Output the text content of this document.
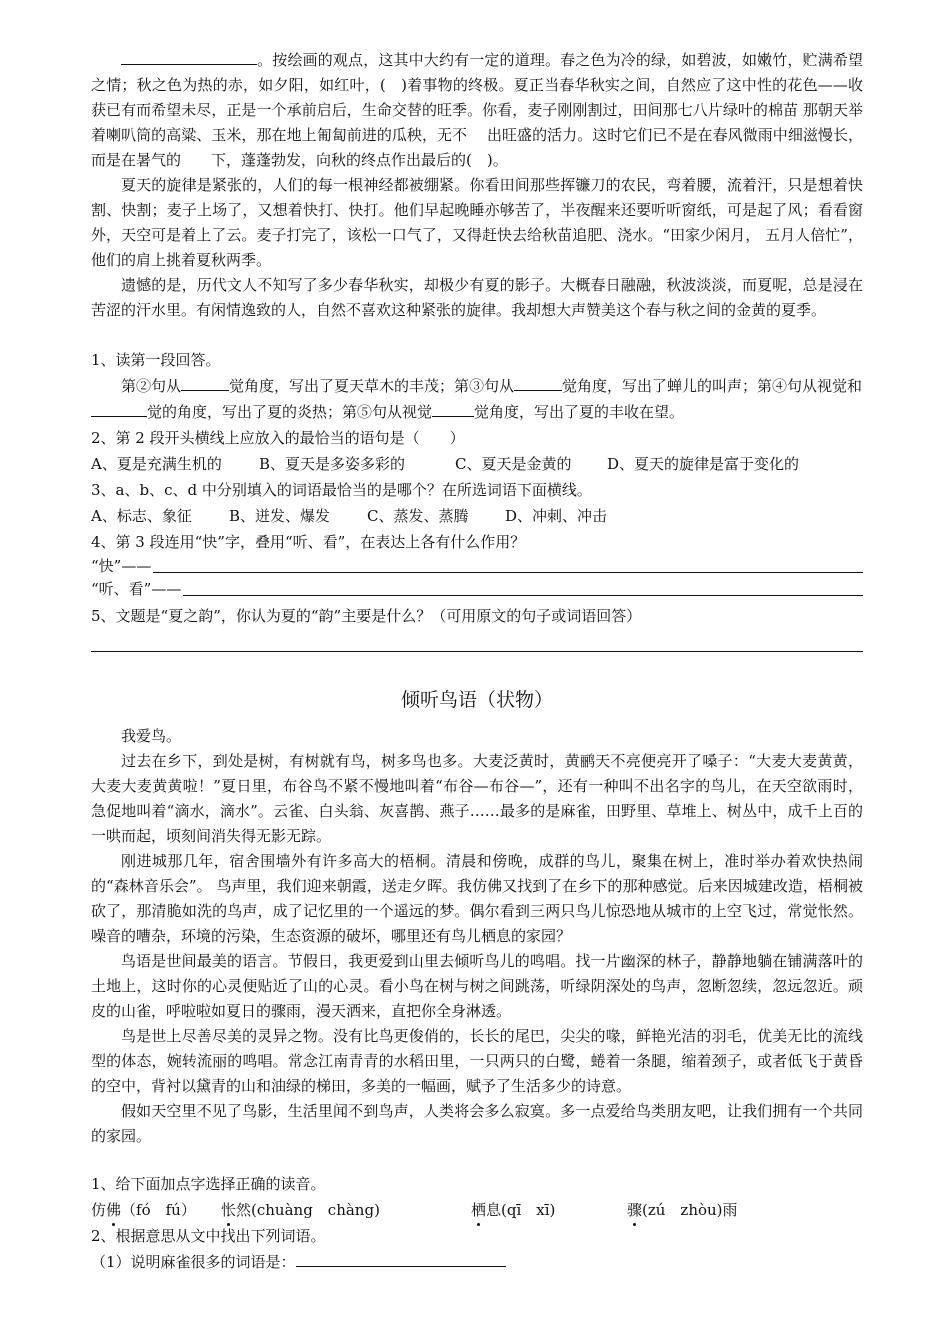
。按绘画的观点，这其中大约有一定的道理。春之色为冷的绿，如碧波，如嫩竹，贮满希望之情；秋之色为热的赤，如夕阳，如红叶，(　)着事物的终极。夏正当春华秋实之间，自然应了这中性的花色——收获已有而希望未尽，正是一个承前启后，生命交替的旺季。你看，麦子刚刚割过，田间那七八片绿叶的棉苗 那朝天举着喇叭筒的高粱、玉米，那在地上匍匐前进的瓜秧，无不　 出旺盛的活力。这时它们已不是在春风微雨中细滋慢长，而是在暑气的　　下，蓬蓬勃发，向秋的终点作出最后的(　)。

夏天的旋律是紧张的，人们的每一根神经都被绷紧。你看田间那些挥镰刀的农民，弯着腰，流着汗，只是想着快割、快割；麦子上场了，又想着快打、快打。他们早起晚睡亦够苦了，半夜醒来还要听听窗纸，可是起了风；看看窗外，天空可是着上了云。麦子打完了，该松一口气了，又得赶快去给秋苗追肥、浇水。“田家少闲月， 五月人倍忙”，他们的肩上挑着夏秋两季。

遗憾的是，历代文人不知写了多少春华秋实，却极少有夏的影子。大概春日融融，秋波淡淡，而夏呢，总是浸在苦涩的汗水里。有闲情逸致的人，自然不喜欢这种紧张的旋律。我却想大声赞美这个春与秋之间的金黄的夏季。

1、读第一段回答。

第②句从	觉角度，写出了夏天草木的丰茂；第③句从	觉角度，写出了蝉儿的叫声；第④句从视觉和觉的角度，写出了夏的炎热；第⑤句从视觉	觉角度，写出了夏的丰收在望。

2、第 2 段开头横线上应放入的最恰当的语句是（　　）

A、夏是充满生机的	B、夏天是多姿多彩的	C、夏天是金黄的	D、夏天的旋律是富于变化的

3、a、b、c、d 中分别填入的词语最恰当的是哪个？在所选词语下面横线。

A、标志、象征	B、迸发、爆发	C、蒸发、蒸腾	D、冲刺、冲击

4、第 3 段连用“快”字，叠用“听、看”，在表达上各有什么作用？

“快”——
“听、看”——

5、文题是“夏之韵”，你认为夏的“韵”主要是什么？（可用原文的句子或词语回答）

倾听鸟语（状物）

我爱鸟。

过去在乡下，到处是树，有树就有鸟，树多鸟也多。大麦泛黄时，黄鹂天不亮便亮开了嗓子：“大麦大麦黄黄，大麦大麦黄黄啦！”夏日里，布谷鸟不紧不慢地叫着“布谷—布谷—”，还有一种叫不出名字的鸟儿，在天空欲雨时，急促地叫着“滴水，滴水”。云雀、白头翁、灰喜鹊、燕子……最多的是麻雀，田野里、草堆上、树丛中，成千上百的一哄而起，顷刻间消失得无影无踪。

刚进城那几年，宿舍围墙外有许多高大的梧桐。清晨和傍晚，成群的鸟儿，聚集在树上，准时举办着欢快热闹的“森林音乐会”。 鸟声里，我们迎来朝霞，送走夕晖。我仿佛又找到了在乡下的那种感觉。后来因城建改造，梧桐被砍了，那清脆如洗的鸟声，成了记忆里的一个遥远的梦。偶尔看到三两只鸟儿惊恐地从城市的上空飞过，常觉怅然。噪音的嘈杂，环境的污染，生态资源的破坏，哪里还有鸟儿栖息的家园？

鸟语是世间最美的语言。节假日，我更爱到山里去倾听鸟儿的鸣唱。找一片幽深的林子，静静地躺在铺满落叶的土地上，这时你的心灵便贴近了山的心灵。看小鸟在树与树之间跳荡，听绿阴深处的鸟声，忽断忽续，忽远忽近。顽皮的山雀，呼啦啦如夏日的骤雨，漫天洒来，直把你全身淋透。

鸟是世上尽善尽美的灵异之物。没有比鸟更俊俏的，长长的尾巴，尖尖的喙，鲜艳光洁的羽毛，优美无比的流线型的体态，婉转流丽的鸣唱。常念江南青青的水稻田里，一只两只的白鹭，蜷着一条腿，缩着颈子，或者低飞于黄昏的空中，背衬以黛青的山和油绿的梯田，多美的一幅画，赋予了生活多少的诗意。

假如天空里不见了鸟影，生活里闻不到鸟声，人类将会多么寂寞。多一点爱给鸟类朋友吧，让我们拥有一个共同的家园。

1、给下面加点字选择正确的读音。

仿佛（fó　fú）	怅然(chuàng　chàng)	栖息(qī　xī)	骤(zú　zhòu)雨

2、根据意思从文中找出下列词语。

（1）说明麻雀很多的词语是：
